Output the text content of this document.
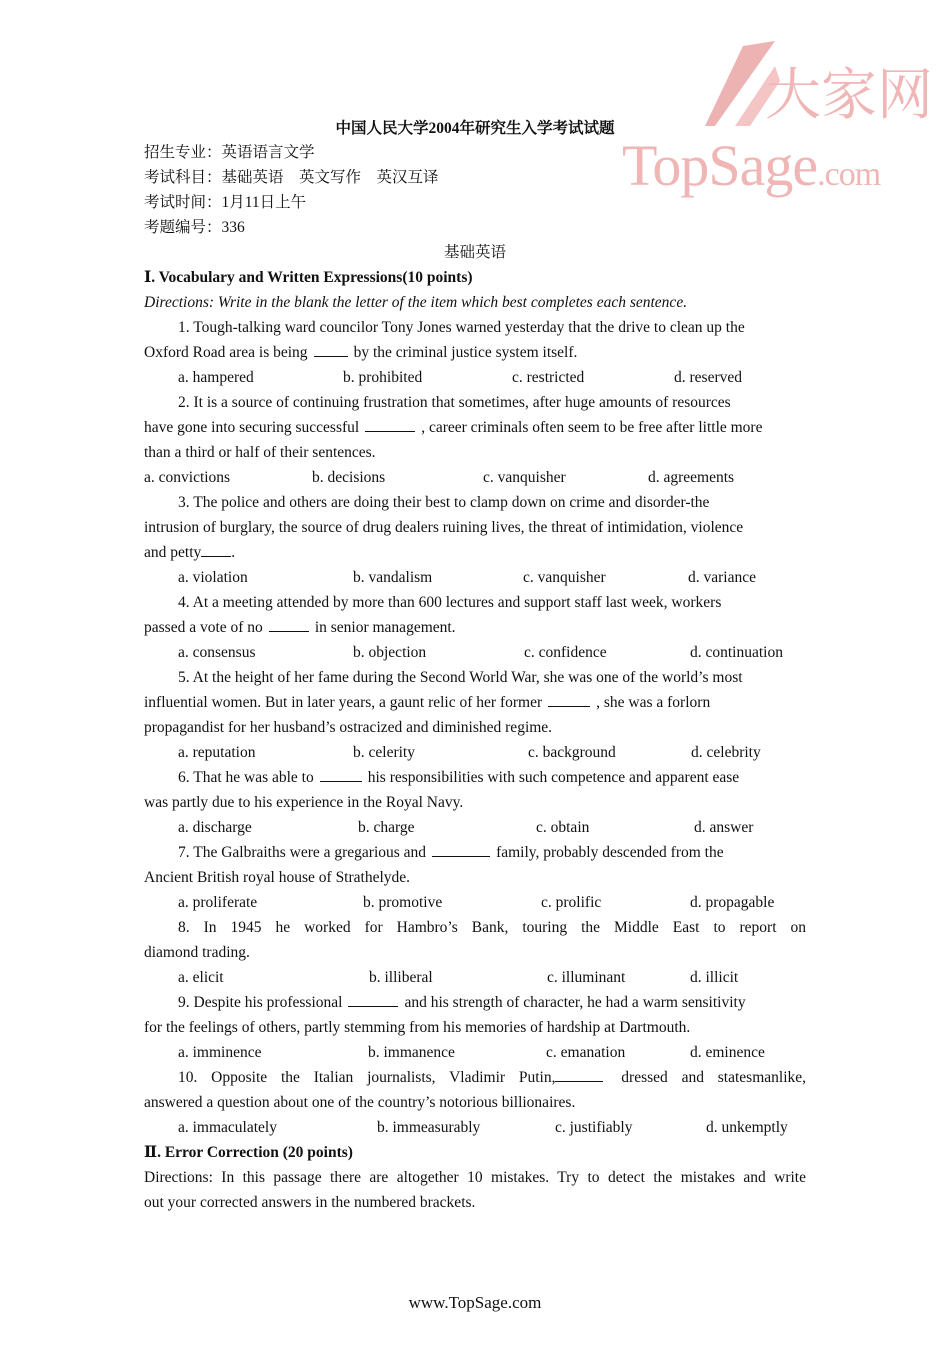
大家网
TopSage.com
中国人民大学2004年研究生入学考试试题
招生专业：英语语言文学
考试科目：基础英语　英文写作　英汉互译
考试时间：1月11日上午
考题编号：336
基础英语
Ⅰ. Vocabulary and Written Expressions(10 points)
Directions: Write in the blank the letter of the item which best completes each sentence.
1. Tough-talking ward councilor Tony Jones warned yesterday that the drive to clean up the
Oxford Road area is being	by the criminal justice system itself.
a. hampered	b. prohibited	c. restricted	d. reserved
2. It is a source of continuing frustration that sometimes, after huge amounts of resources
have gone into securing successful	, career criminals often seem to be free after little more
than a third or half of their sentences.
a. convictions	b. decisions	c. vanquisher	d. agreements
3. The police and others are doing their best to clamp down on crime and disorder-the
intrusion of burglary, the source of drug dealers ruining lives, the threat of intimidation, violence
and petty .
a. violation	b. vandalism	c. vanquisher	d. variance
4. At a meeting attended by more than 600 lectures and support staff last week, workers
passed a vote of no	in senior management.
a. consensus	b. objection	c. confidence	d. continuation
5. At the height of her fame during the Second World War, she was one of the world’s most
influential women. But in later years, a gaunt relic of her former	, she was a forlorn
propagandist for her husband’s ostracized and diminished regime.
a. reputation	b. celerity	c. background	d. celebrity
6. That he was able to	his responsibilities with such competence and apparent ease
was partly due to his experience in the Royal Navy.
a. discharge	b. charge	c. obtain	d. answer
7. The Galbraiths were a gregarious and	family, probably descended from the
Ancient British royal house of Strathelyde.
a. proliferate	b. promotive	c. prolific	d. propagable
8. In 1945 he worked for Hambro’s Bank, touring the Middle East to report on
diamond trading.
a. elicit	b. illiberal	c. illuminant	d. illicit
9. Despite his professional	and his strength of character, he had a warm sensitivity
for the feelings of others, partly stemming from his memories of hardship at Dartmouth.
a. imminence	b. immanence	c. emanation	d. eminence
10. Opposite the Italian journalists, Vladimir Putin,	dressed and statesmanlike,
answered a question about one of the country’s notorious billionaires.
a. immaculately	b. immeasurably	c. justifiably	d. unkemptly
Ⅱ. Error Correction (20 points)
Directions: In this passage there are altogether 10 mistakes. Try to detect the mistakes and write
out your corrected answers in the numbered brackets.
www.TopSage.com
